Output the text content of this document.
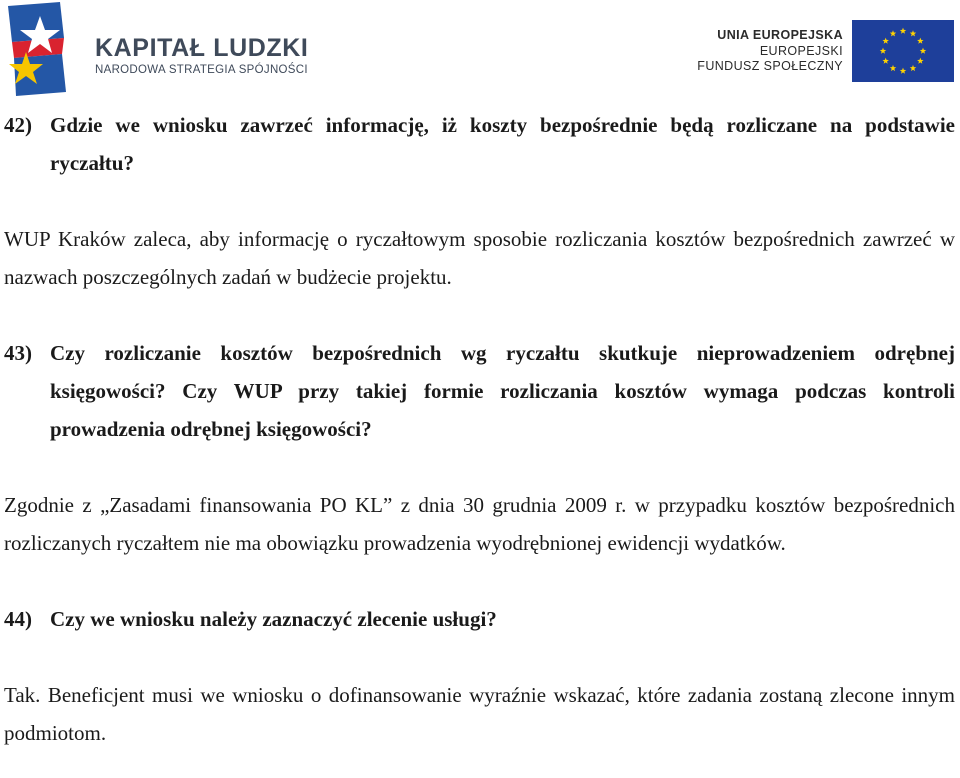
KAPITAŁ LUDZKI
NARODOWA STRATEGIA SPÓJNOŚCI
UNIA EUROPEJSKA
EUROPEJSKI
FUNDUSZ SPOŁECZNY

42) Gdzie we wniosku zawrzeć informację, iż koszty bezpośrednie będą rozliczane na podstawie ryczałtu?

WUP Kraków zaleca, aby informację o ryczałtowym sposobie rozliczania kosztów bezpośrednich zawrzeć w nazwach poszczególnych zadań w budżecie projektu.

43) Czy rozliczanie kosztów bezpośrednich wg ryczałtu skutkuje nieprowadzeniem odrębnej księgowości? Czy WUP przy takiej formie rozliczania kosztów wymaga podczas kontroli prowadzenia odrębnej księgowości?

Zgodnie z „Zasadami finansowania PO KL” z dnia 30 grudnia 2009 r. w przypadku kosztów bezpośrednich rozliczanych ryczałtem nie ma obowiązku prowadzenia wyodrębnionej ewidencji wydatków.

44) Czy we wniosku należy zaznaczyć zlecenie usługi?

Tak. Beneficjent musi we wniosku o dofinansowanie wyraźnie wskazać, które zadania zostaną zlecone innym podmiotom.
